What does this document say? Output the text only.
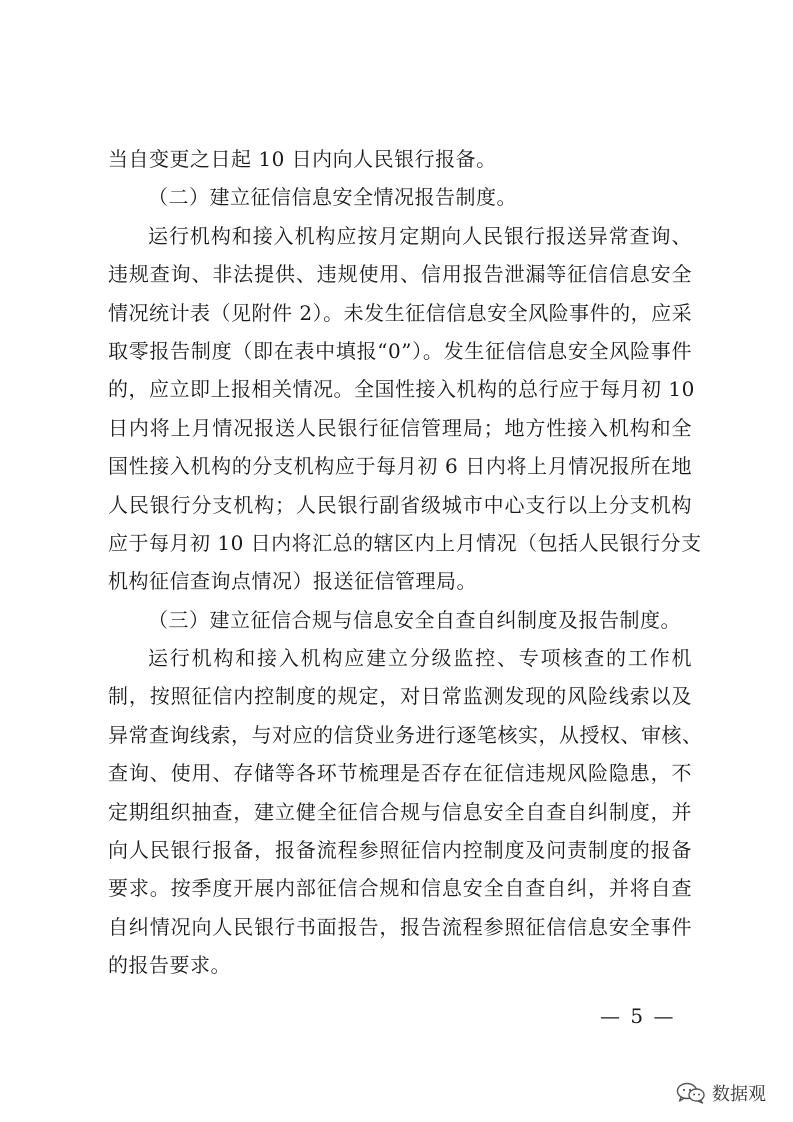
当自变更之日起 10 日内向人民银行报备。
（二）建立征信信息安全情况报告制度。
运行机构和接入机构应按月定期向人民银行报送异常查询、
违规查询、非法提供、违规使用、信用报告泄漏等征信信息安全
情况统计表（见附件 2）。未发生征信信息安全风险事件的，应采
取零报告制度（即在表中填报“0”）。发生征信信息安全风险事件
的，应立即上报相关情况。全国性接入机构的总行应于每月初 10
日内将上月情况报送人民银行征信管理局；地方性接入机构和全
国性接入机构的分支机构应于每月初 6 日内将上月情况报所在地
人民银行分支机构；人民银行副省级城市中心支行以上分支机构
应于每月初 10 日内将汇总的辖区内上月情况（包括人民银行分支
机构征信查询点情况）报送征信管理局。
（三）建立征信合规与信息安全自查自纠制度及报告制度。
运行机构和接入机构应建立分级监控、专项核查的工作机
制，按照征信内控制度的规定，对日常监测发现的风险线索以及
异常查询线索，与对应的信贷业务进行逐笔核实，从授权、审核、
查询、使用、存储等各环节梳理是否存在征信违规风险隐患，不
定期组织抽查，建立健全征信合规与信息安全自查自纠制度，并
向人民银行报备，报备流程参照征信内控制度及问责制度的报备
要求。按季度开展内部征信合规和信息安全自查自纠，并将自查
自纠情况向人民银行书面报告，报告流程参照征信信息安全事件
的报告要求。
— 5 —
数据观
